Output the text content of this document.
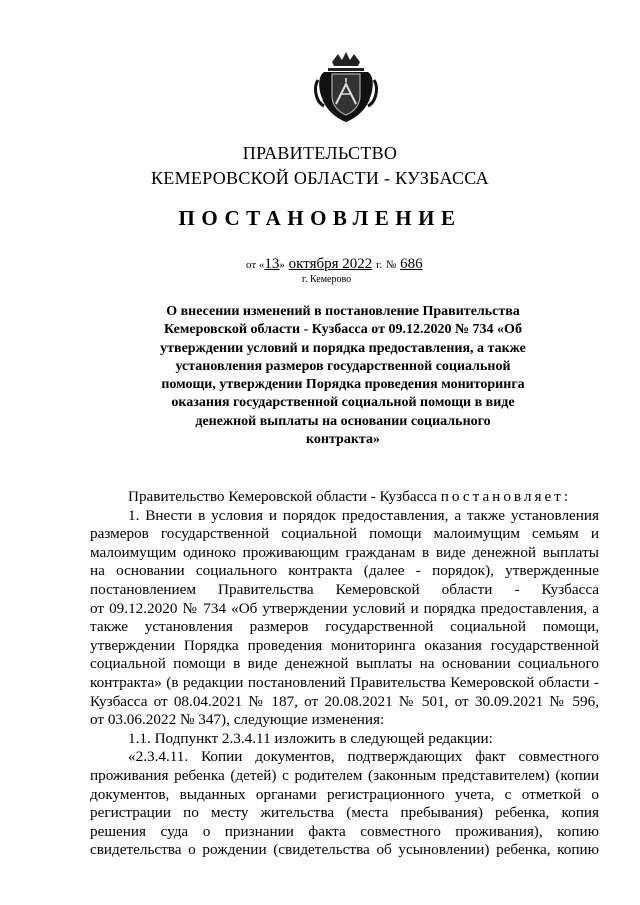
ПРАВИТЕЛЬСТВО
КЕМЕРОВСКОЙ ОБЛАСТИ - КУЗБАССА
ПОСТАНОВЛЕНИЕ
от «13» октября 2022 г. № 686
г. Кемерово
О внесении изменений в постановление Правительства Кемеровской области - Кузбасса от 09.12.2020 № 734 «Об утверждении условий и порядка предоставления, а также установления размеров государственной социальной помощи, утверждении Порядка проведения мониторинга оказания государственной социальной помощи в виде денежной выплаты на основании социального контракта»

Правительство Кемеровской области - Кузбасса постановляет:

1. Внести в условия и порядок предоставления, а также установления

размеров государственной социальной помощи малоимущим семьям и

малоимущим одиноко проживающим гражданам в виде денежной выплаты

на основании социального контракта (далее - порядок), утвержденные

постановлением Правительства Кемеровской области - Кузбасса

от 09.12.2020 № 734 «Об утверждении условий и порядка предоставления, а

также установления размеров государственной социальной помощи,

утверждении Порядка проведения мониторинга оказания государственной

социальной помощи в виде денежной выплаты на основании социального

контракта» (в редакции постановлений Правительства Кемеровской области -

Кузбасса от 08.04.2021 № 187, от 20.08.2021 № 501, от 30.09.2021 № 596,

от 03.06.2022 № 347), следующие изменения:

1.1. Подпункт 2.3.4.11 изложить в следующей редакции:

«2.3.4.11. Копии документов, подтверждающих факт совместного

проживания ребенка (детей) с родителем (законным представителем) (копии

документов, выданных органами регистрационного учета, с отметкой о

регистрации по месту жительства (места пребывания) ребенка, копия

решения суда о признании факта совместного проживания), копию

свидетельства о рождении (свидетельства об усыновлении) ребенка, копию
